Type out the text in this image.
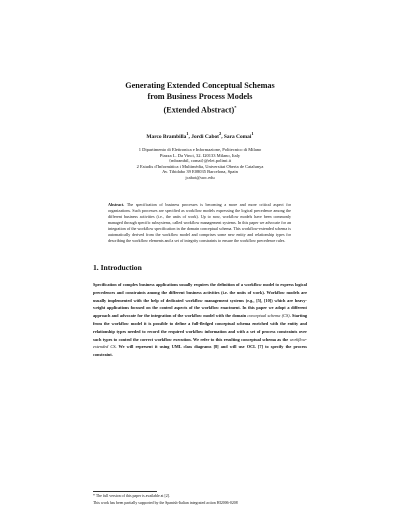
Generating Extended Conceptual Schemas
from Business Process Models
(Extended Abstract)*
Marco Brambilla$^1$, Jordi Cabot$^2$, Sara Comai$^1$
1 Dipartimento di Elettronica e Informazione, Politecnico di Milano
Piazza L. Da Vinci, 32. I20133 Milano, Italy
{mbrambil, comai}@elet.polimi.it
2 Estudis d'Informàtica i Multimèdia, Universitat Oberta de Catalunya
Av. Tibidabo 39 E08035 Barcelona, Spain
jcabot@uoc.edu
Abstract. The specification of business processes is becoming a more and more critical aspect for organizations. Such processes are specified as workflow models expressing the logical precedence among the different business activities (i.e., the units of work). Up to now, workflow models have been commonly managed through specific subsystems, called workflow management systems. In this paper we advocate for an integration of the workflow specification in the domain conceptual schema. This workflow-extended schema is automatically derived from the workflow model and comprises some new entity and relationship types for describing the workflow elements and a set of integrity constraints to ensure the workflow precedence rules.
1. Introduction

Specification of complex business applications usually requires the definition of a workflow model to express logical precedences and constraints among the different business activities (i.e. the units of work). Workflow models are usually implemented with the help of dedicated workflow management systems (e.g., [5], [10]) which are heavy-weight applications focused on the control aspects of the workflow enactment. In this paper we adopt a different approach and advocate for the integration of the workflow model with the domain conceptual schema (CS). Starting from the workflow model it is possible to define a full-fledged conceptual schema enriched with the entity and relationship types needed to record the required workflow information and with a set of process constraints over such types to control the correct workflow execution. We refer to this resulting conceptual schema as the workflow-extended CS. We will represent it using UML class diagrams [8] and will use OCL [7] to specify the process constraint.

* The full version of this paper is available at [2].
This work has been partially supported by the Spanish-Italian integrated action HI2006-0208
